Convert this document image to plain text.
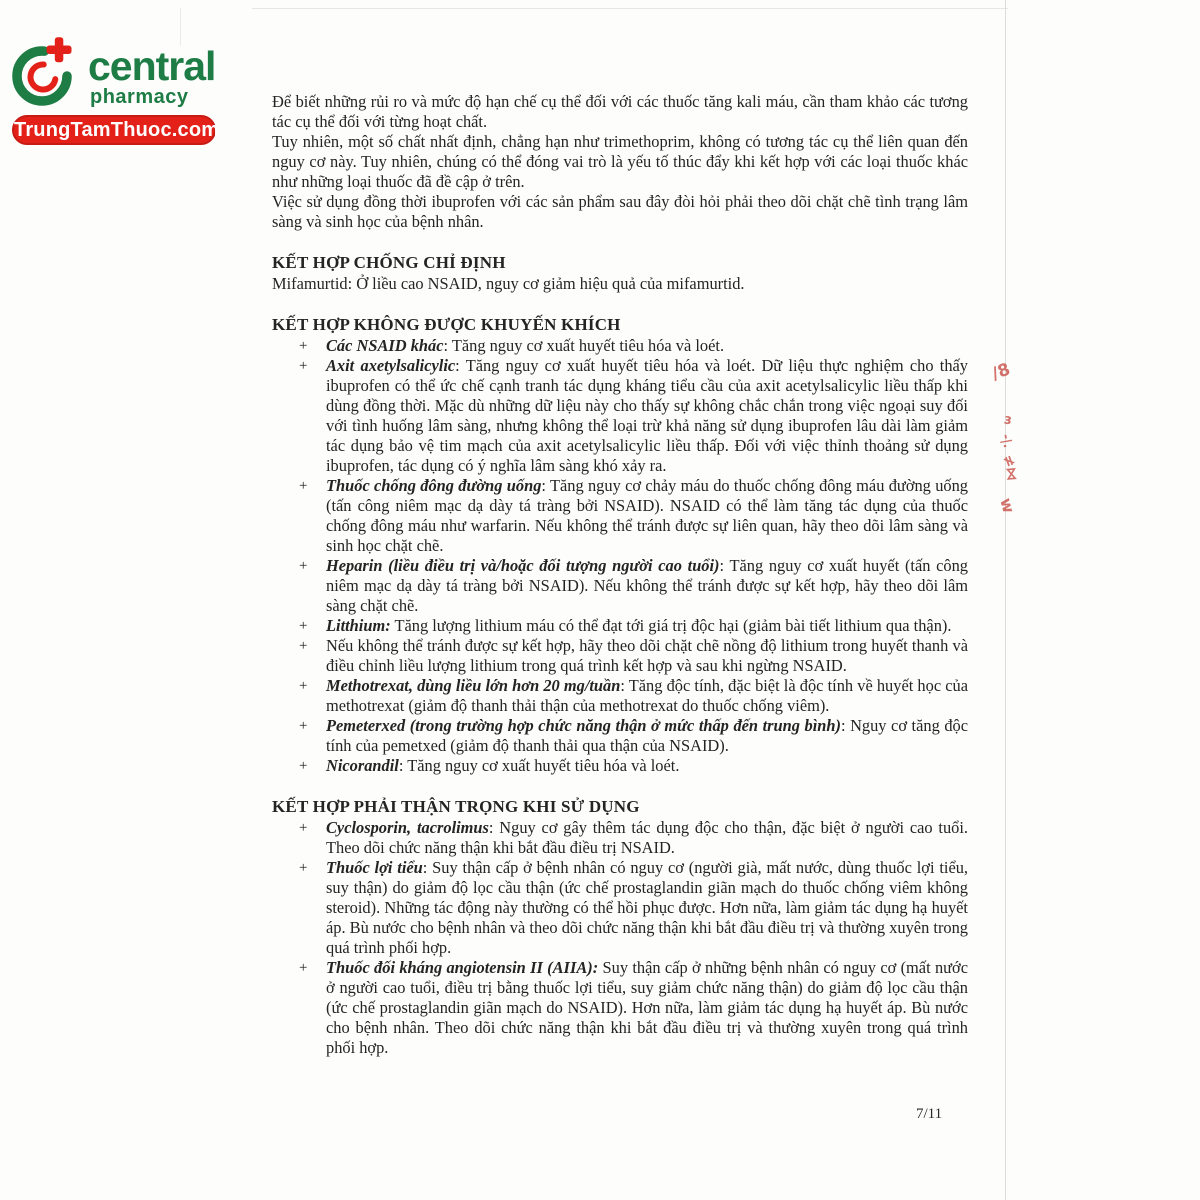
central
pharmacy
TrungTamThuoc.com

Để biết những rủi ro và mức độ hạn chế cụ thể đối với các thuốc tăng kali máu, cần tham khảo các tương tác cụ thể đối với từng hoạt chất.

Tuy nhiên, một số chất nhất định, chẳng hạn như trimethoprim, không có tương tác cụ thể liên quan đến nguy cơ này. Tuy nhiên, chúng có thể đóng vai trò là yếu tố thúc đẩy khi kết hợp với các loại thuốc khác như những loại thuốc đã đề cập ở trên.

Việc sử dụng đồng thời ibuprofen với các sản phẩm sau đây đòi hỏi phải theo dõi chặt chẽ tình trạng lâm sàng và sinh học của bệnh nhân.

KẾT HỢP CHỐNG CHỈ ĐỊNH

Mifamurtid: Ở liều cao NSAID, nguy cơ giảm hiệu quả của mifamurtid.

KẾT HỢP KHÔNG ĐƯỢC KHUYẾN KHÍCH
+	Các NSAID khác: Tăng nguy cơ xuất huyết tiêu hóa và loét.
+	Axit axetylsalicylic: Tăng nguy cơ xuất huyết tiêu hóa và loét. Dữ liệu thực nghiệm cho thấy ibuprofen có thể ức chế cạnh tranh tác dụng kháng tiểu cầu của axit acetylsalicylic liều thấp khi dùng đồng thời. Mặc dù những dữ liệu này cho thấy sự không chắc chắn trong việc ngoại suy đối với tình huống lâm sàng, nhưng không thể loại trừ khả năng sử dụng ibuprofen lâu dài làm giảm tác dụng bảo vệ tim mạch của axit acetylsalicylic liều thấp. Đối với việc thỉnh thoảng sử dụng ibuprofen, tác dụng có ý nghĩa lâm sàng khó xảy ra.
+	Thuốc chống đông đường uống: Tăng nguy cơ chảy máu do thuốc chống đông máu đường uống (tấn công niêm mạc dạ dày tá tràng bởi NSAID). NSAID có thể làm tăng tác dụng của thuốc chống đông máu như warfarin. Nếu không thể tránh được sự liên quan, hãy theo dõi lâm sàng và sinh học chặt chẽ.
+	Heparin (liều điều trị và/hoặc đối tượng người cao tuổi): Tăng nguy cơ xuất huyết (tấn công niêm mạc dạ dày tá tràng bởi NSAID). Nếu không thể tránh được sự kết hợp, hãy theo dõi lâm sàng chặt chẽ.
+	Litthium: Tăng lượng lithium máu có thể đạt tới giá trị độc hại (giảm bài tiết lithium qua thận).
+	Nếu không thể tránh được sự kết hợp, hãy theo dõi chặt chẽ nồng độ lithium trong huyết thanh và điều chỉnh liều lượng lithium trong quá trình kết hợp và sau khi ngừng NSAID.
+	Methotrexat, dùng liều lớn hơn 20 mg/tuần: Tăng độc tính, đặc biệt là độc tính về huyết học của methotrexat (giảm độ thanh thải thận của methotrexat do thuốc chống viêm).
+	Pemeterxed (trong trường hợp chức năng thận ở mức thấp đến trung bình): Nguy cơ tăng độc tính của pemetxed (giảm độ thanh thải qua thận của NSAID).
+	Nicorandil: Tăng nguy cơ xuất huyết tiêu hóa và loét.
KẾT HỢP PHẢI THẬN TRỌNG KHI SỬ DỤNG
+	Cyclosporin, tacrolimus: Nguy cơ gây thêm tác dụng độc cho thận, đặc biệt ở người cao tuổi. Theo dõi chức năng thận khi bắt đầu điều trị NSAID.
+	Thuốc lợi tiểu: Suy thận cấp ở bệnh nhân có nguy cơ (người già, mất nước, dùng thuốc lợi tiểu, suy thận) do giảm độ lọc cầu thận (ức chế prostaglandin giãn mạch do thuốc chống viêm không steroid). Những tác động này thường có thể hồi phục được. Hơn nữa, làm giảm tác dụng hạ huyết áp. Bù nước cho bệnh nhân và theo dõi chức năng thận khi bắt đầu điều trị và thường xuyên trong quá trình phối hợp.
+	Thuốc đối kháng angiotensin II (AIIA): Suy thận cấp ở những bệnh nhân có nguy cơ (mất nước ở người cao tuổi, điều trị bằng thuốc lợi tiểu, suy giảm chức năng thận) do giảm độ lọc cầu thận (ức chế prostaglandin giãn mạch do NSAID). Hơn nữa, làm giảm tác dụng hạ huyết áp. Bù nước cho bệnh nhân. Theo dõi chức năng thận khi bắt đầu điều trị và thường xuyên trong quá trình phối hợp.
7/11
/8
ɜ
-|.
≠
⋈
w
